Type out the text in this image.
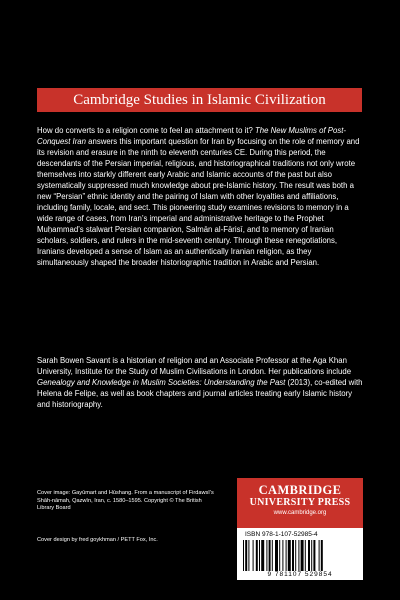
Cambridge Studies in Islamic Civilization

How do converts to a religion come to feel an attachment to it? The New Muslims of Post-Conquest Iran answers this important question for Iran by focusing on the role of memory and its revision and erasure in the ninth to eleventh centuries CE. During this period, the descendants of the Persian imperial, religious, and historiographical traditions not only wrote themselves into starkly different early Arabic and Islamic accounts of the past but also systematically suppressed much knowledge about pre-Islamic history. The result was both a new “Persian” ethnic identity and the pairing of Islam with other loyalties and affiliations, including family, locale, and sect. This pioneering study examines revisions to memory in a wide range of cases, from Iran’s imperial and administrative heritage to the Prophet Muḥammad’s stalwart Persian companion, Salmān al-Fārisī, and to memory of Iranian scholars, soldiers, and rulers in the mid-seventh century. Through these renegotiations, Iranians developed a sense of Islam as an authentically Iranian religion, as they simultaneously shaped the broader historiographic tradition in Arabic and Persian.

Sarah Bowen Savant is a historian of religion and an Associate Professor at the Aga Khan University, Institute for the Study of Muslim Civilisations in London. Her publications include Genealogy and Knowledge in Muslim Societies: Understanding the Past (2013), co-edited with Helena de Felipe, as well as book chapters and journal articles treating early Islamic history and historiography.

Cover image: Gayūmart and Hūshang. From a manuscript of Firdawsī’s Shāh-nāmah, Qazwīn, Iran, c. 1580–1595. Copyright © The British Library Board

Cover design by fred goykhman / PETT Fox, Inc.

CAMBRIDGE
UNIVERSITY PRESS
www.cambridge.org
ISBN 978-1-107-52985-4
9 781107 529854
